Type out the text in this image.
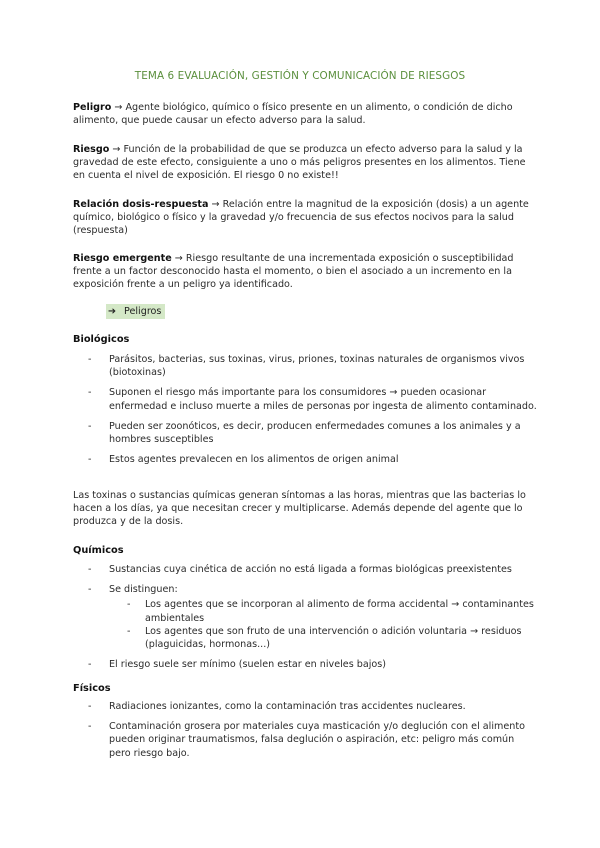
TEMA 6 EVALUACIÓN, GESTIÓN Y COMUNICACIÓN DE RIESGOS
Peligro → Agente biológico, químico o físico presente en un alimento, o condición de dicho alimento, que puede causar un efecto adverso para la salud.
Riesgo → Función de la probabilidad de que se produzca un efecto adverso para la salud y la gravedad de este efecto, consiguiente a uno o más peligros presentes en los alimentos. Tiene en cuenta el nivel de exposición. El riesgo 0 no existe!!
Relación dosis-respuesta → Relación entre la magnitud de la exposición (dosis) a un agente químico, biológico o físico y la gravedad y/o frecuencia de sus efectos nocivos para la salud (respuesta)
Riesgo emergente → Riesgo resultante de una incrementada exposición o susceptibilidad frente a un factor desconocido hasta el momento, o bien el asociado a un incremento en la exposición frente a un peligro ya identificado.
➔ Peligros
Biológicos
- Parásitos, bacterias, sus toxinas, virus, priones, toxinas naturales de organismos vivos (biotoxinas)
- Suponen el riesgo más importante para los consumidores → pueden ocasionar enfermedad e incluso muerte a miles de personas por ingesta de alimento contaminado.
- Pueden ser zoonóticos, es decir, producen enfermedades comunes a los animales y a hombres susceptibles
- Estos agentes prevalecen en los alimentos de origen animal
Las toxinas o sustancias químicas generan síntomas a las horas, mientras que las bacterias lo hacen a los días, ya que necesitan crecer y multiplicarse. Además depende del agente que lo produzca y de la dosis.
Químicos
- Sustancias cuya cinética de acción no está ligada a formas biológicas preexistentes
- Se distinguen:
- Los agentes que se incorporan al alimento de forma accidental → contaminantes ambientales
- Los agentes que son fruto de una intervención o adición voluntaria → residuos (plaguicidas, hormonas...)
- El riesgo suele ser mínimo (suelen estar en niveles bajos)
Físicos
- Radiaciones ionizantes, como la contaminación tras accidentes nucleares.
- Contaminación grosera por materiales cuya masticación y/o deglución con el alimento pueden originar traumatismos, falsa deglución o aspiración, etc: peligro más común pero riesgo bajo.
